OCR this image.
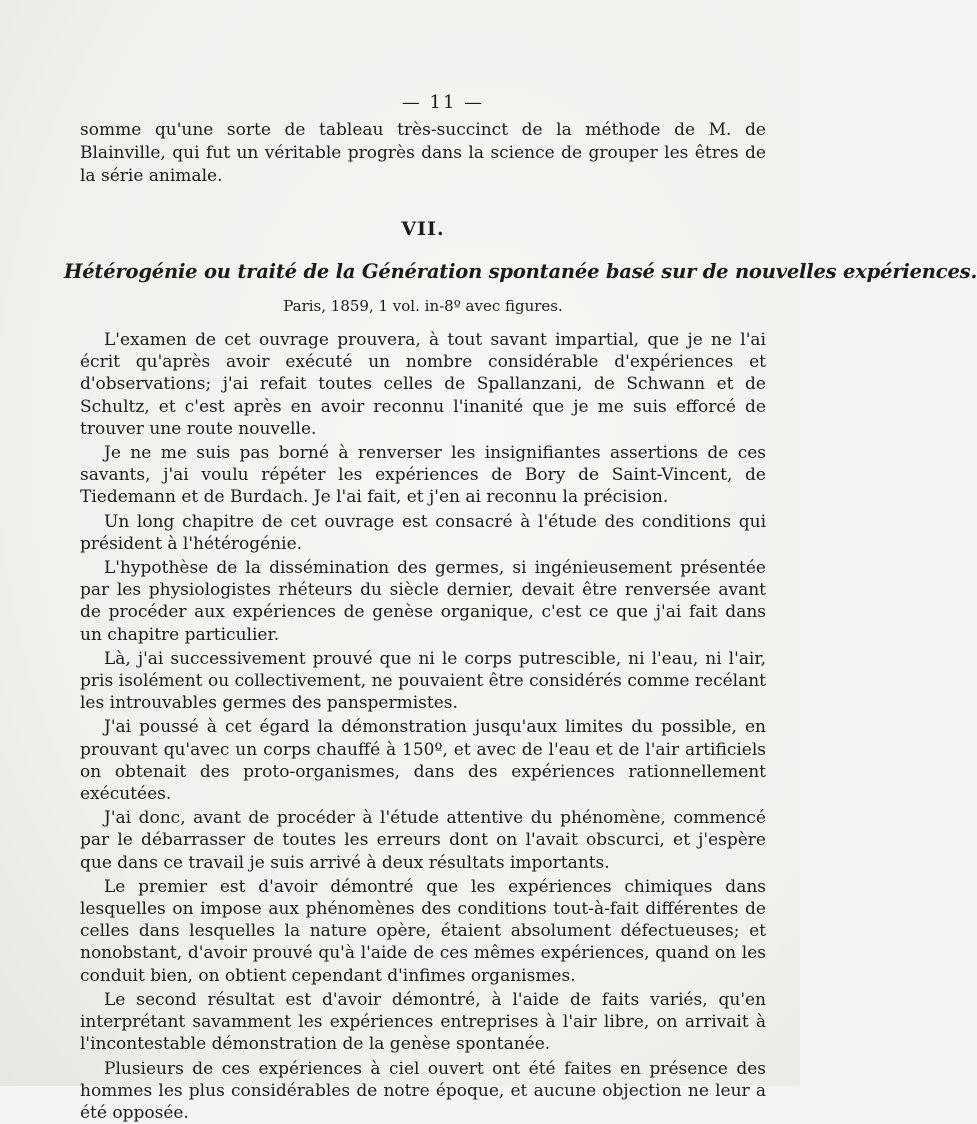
— 11 —

somme qu'une sorte de tableau très-succinct de la méthode de M. de Blainville, qui fut un véritable progrès dans la science de grouper les êtres de la série animale.

VII.
Hétérogénie ou traité de la Génération spontanée basé sur de nouvelles expériences.
Paris, 1859, 1 vol. in-8º avec figures.

L'examen de cet ouvrage prouvera, à tout savant impartial, que je ne l'ai écrit qu'après avoir exécuté un nombre considérable d'expériences et d'observations; j'ai refait toutes celles de Spallanzani, de Schwann et de Schultz, et c'est après en avoir reconnu l'inanité que je me suis efforcé de trouver une route nouvelle.

Je ne me suis pas borné à renverser les insignifiantes assertions de ces savants, j'ai voulu répéter les expériences de Bory de Saint-Vincent, de Tiedemann et de Burdach. Je l'ai fait, et j'en ai reconnu la précision.

Un long chapitre de cet ouvrage est consacré à l'étude des conditions qui président à l'hétérogénie.

L'hypothèse de la dissémination des germes, si ingénieusement présentée par les physiologistes rhéteurs du siècle dernier, devait être renversée avant de procéder aux expériences de genèse organique, c'est ce que j'ai fait dans un chapitre particulier.

Là, j'ai successivement prouvé que ni le corps putrescible, ni l'eau, ni l'air, pris isolément ou collectivement, ne pouvaient être considérés comme recélant les introuvables germes des panspermistes.

J'ai poussé à cet égard la démonstration jusqu'aux limites du possible, en prouvant qu'avec un corps chauffé à 150º, et avec de l'eau et de l'air artificiels on obtenait des proto-organismes, dans des expériences rationnellement exécutées.

J'ai donc, avant de procéder à l'étude attentive du phénomène, commencé par le débarrasser de toutes les erreurs dont on l'avait obscurci, et j'espère que dans ce travail je suis arrivé à deux résultats importants.

Le premier est d'avoir démontré que les expériences chimiques dans lesquelles on impose aux phénomènes des conditions tout-à-fait différentes de celles dans lesquelles la nature opère, étaient absolument défectueuses; et nonobstant, d'avoir prouvé qu'à l'aide de ces mêmes expériences, quand on les conduit bien, on obtient cependant d'infimes organismes.

Le second résultat est d'avoir démontré, à l'aide de faits variés, qu'en interprétant savamment les expériences entreprises à l'air libre, on arrivait à l'incontestable démonstration de la genèse spontanée.

Plusieurs de ces expériences à ciel ouvert ont été faites en présence des hommes les plus considérables de notre époque, et aucune objection ne leur a été opposée.
